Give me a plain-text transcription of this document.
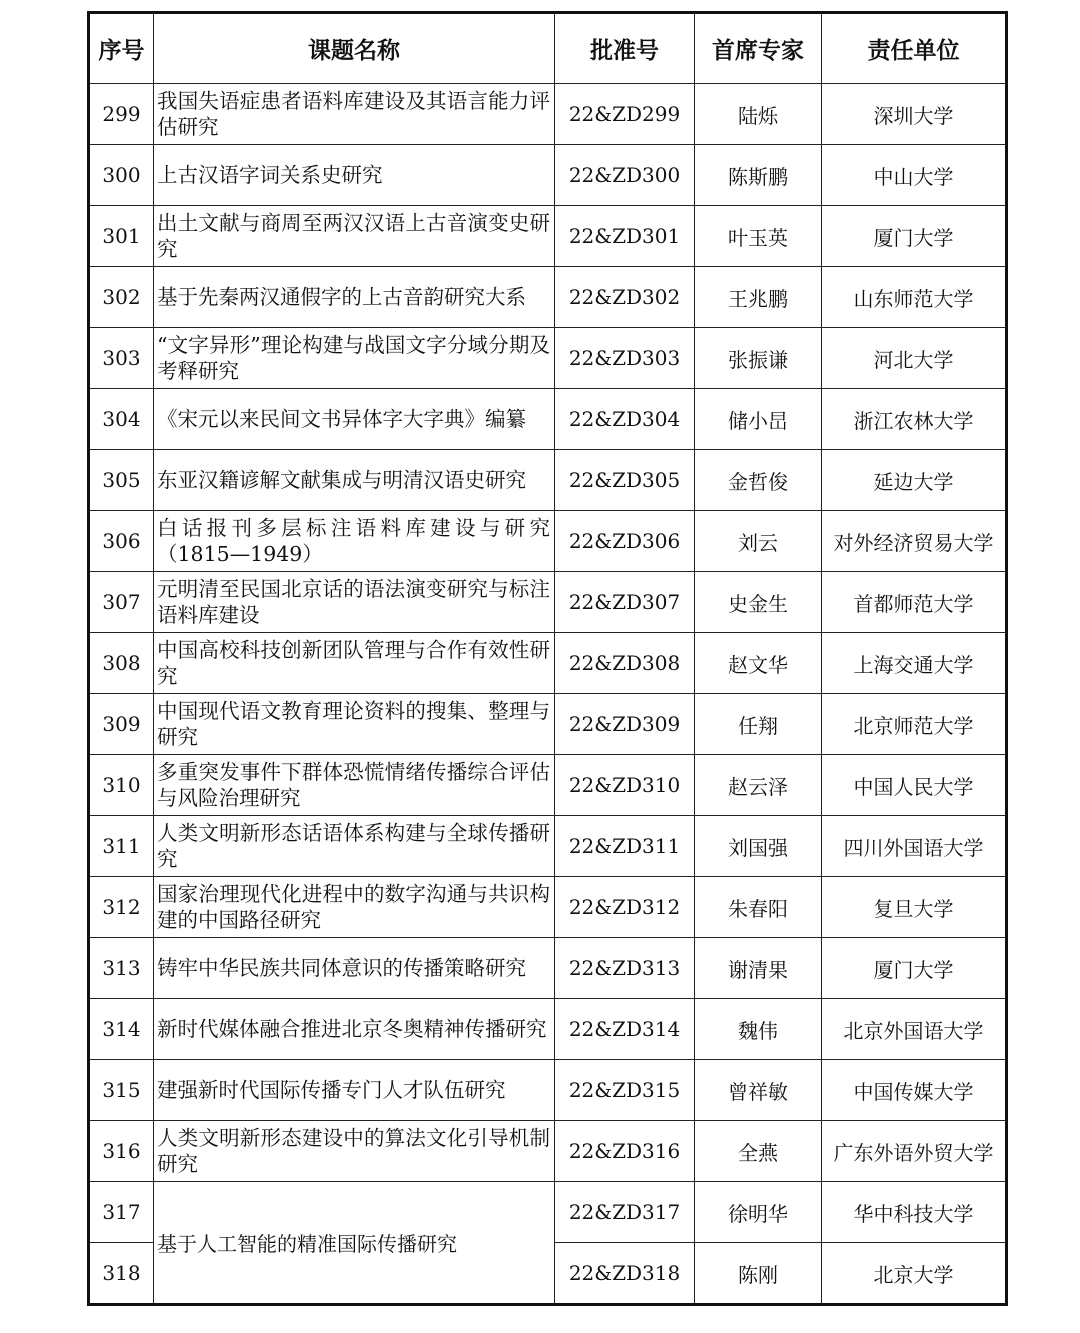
序号	课题名称	批准号	首席专家	责任单位
299	我国失语症患者语料库建设及其语言能力评估研究	22&ZD299	陆烁	深圳大学
300	上古汉语字词关系史研究	22&ZD300	陈斯鹏	中山大学
301	出土文献与商周至两汉汉语上古音演变史研究	22&ZD301	叶玉英	厦门大学
302	基于先秦两汉通假字的上古音韵研究大系	22&ZD302	王兆鹏	山东师范大学
303	“文字异形”理论构建与战国文字分域分期及考释研究	22&ZD303	张振谦	河北大学
304	《宋元以来民间文书异体字大字典》编纂	22&ZD304	储小旵	浙江农林大学
305	东亚汉籍谚解文献集成与明清汉语史研究	22&ZD305	金哲俊	延边大学
306	白话报刊多层标注语料库建设与研究（1815—1949）	22&ZD306	刘云	对外经济贸易大学
307	元明清至民国北京话的语法演变研究与标注语料库建设	22&ZD307	史金生	首都师范大学
308	中国高校科技创新团队管理与合作有效性研究	22&ZD308	赵文华	上海交通大学
309	中国现代语文教育理论资料的搜集、整理与研究	22&ZD309	任翔	北京师范大学
310	多重突发事件下群体恐慌情绪传播综合评估与风险治理研究	22&ZD310	赵云泽	中国人民大学
311	人类文明新形态话语体系构建与全球传播研究	22&ZD311	刘国强	四川外国语大学
312	国家治理现代化进程中的数字沟通与共识构建的中国路径研究	22&ZD312	朱春阳	复旦大学
313	铸牢中华民族共同体意识的传播策略研究	22&ZD313	谢清果	厦门大学
314	新时代媒体融合推进北京冬奥精神传播研究	22&ZD314	魏伟	北京外国语大学
315	建强新时代国际传播专门人才队伍研究	22&ZD315	曾祥敏	中国传媒大学
316	人类文明新形态建设中的算法文化引导机制研究	22&ZD316	全燕	广东外语外贸大学
317	基于人工智能的精准国际传播研究	22&ZD317	徐明华	华中科技大学
318		22&ZD318	陈刚	北京大学
